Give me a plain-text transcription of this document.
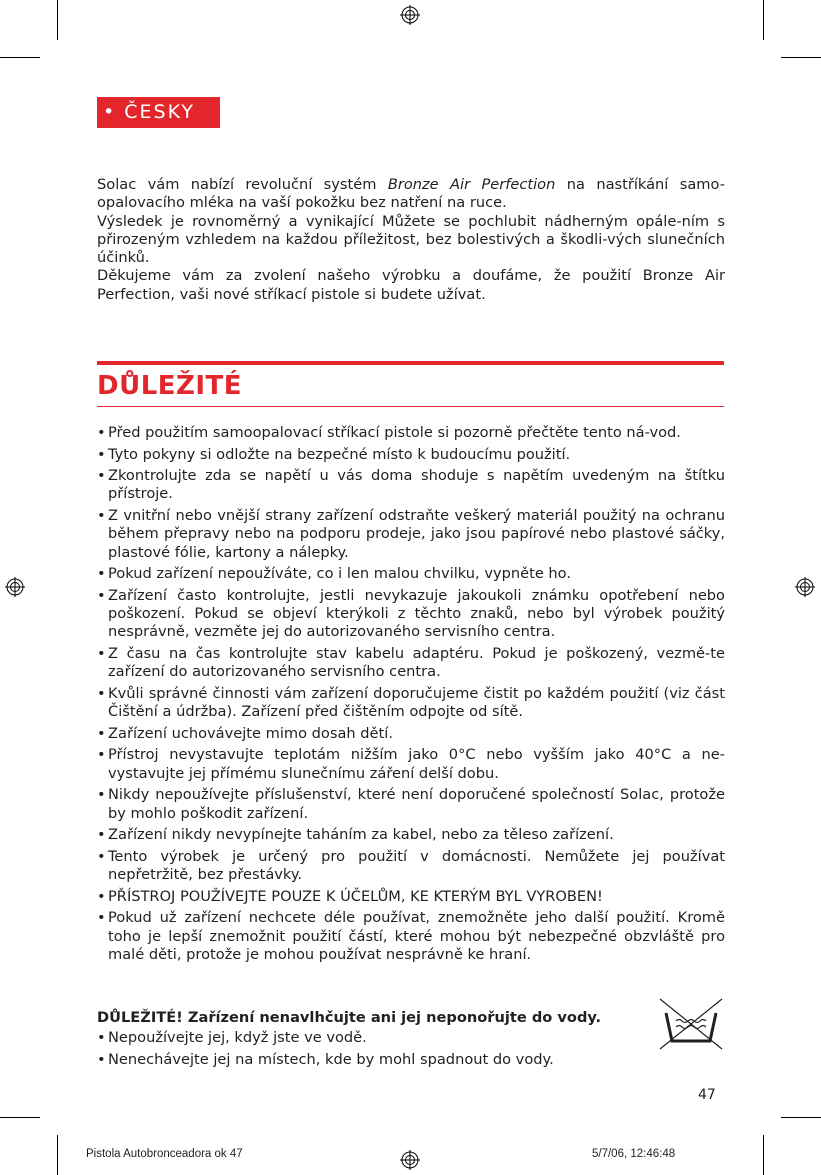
• ČESKY

Solac vám nabízí revoluční systém Bronze Air Perfection na nastříkání samo-opalovacího mléka na vaší pokožku bez natření na ruce.

Výsledek je rovnoměrný a vynikající Můžete se pochlubit nádherným opále-ním s přirozeným vzhledem na každou příležitost, bez bolestivých a škodli-vých slunečních účinků.

Děkujeme vám za zvolení našeho výrobku a doufáme, že použití Bronze Air Perfection, vaši nové stříkací pistole si budete užívat.

DŮLEŽITÉ
• Před použitím samoopalovací stříkací pistole si pozorně přečtěte tento ná-vod.
• Tyto pokyny si odložte na bezpečné místo k budoucímu použití.
• Zkontrolujte zda se napětí u vás doma shoduje s napětím uvedeným na štítku přístroje.
• Z vnitřní nebo vnější strany zařízení odstraňte veškerý materiál použitý na ochranu během přepravy nebo na podporu prodeje, jako jsou papírové nebo plastové sáčky, plastové fólie, kartony a nálepky.
• Pokud zařízení nepoužíváte, co i len malou chvilku, vypněte ho.
• Zařízení často kontrolujte, jestli nevykazuje jakoukoli známku opotřebení nebo poškození. Pokud se objeví kterýkoli z těchto znaků, nebo byl výrobek použitý nesprávně, vezměte jej do autorizovaného servisního centra.
• Z času na čas kontrolujte stav kabelu adaptéru. Pokud je poškozený, vezmě-te zařízení do autorizovaného servisního centra.
• Kvůli správné činnosti vám zařízení doporučujeme čistit po každém použití (viz část Čištění a údržba). Zařízení před čištěním odpojte od sítě.
• Zařízení uchovávejte mimo dosah dětí.
• Přístroj nevystavujte teplotám nižším jako 0°C nebo vyšším jako 40°C a ne-vystavujte jej přímému slunečnímu záření delší dobu.
• Nikdy nepoužívejte příslušenství, které není doporučené společností Solac, protože by mohlo poškodit zařízení.
• Zařízení nikdy nevypínejte taháním za kabel, nebo za těleso zařízení.
• Tento výrobek je určený pro použití v domácnosti. Nemůžete jej používat nepřetržitě, bez přestávky.
• PŘÍSTROJ POUŽÍVEJTE POUZE K ÚČELŮM, KE KTERÝM BYL VYROBEN!
• Pokud už zařízení nechcete déle používat, znemožněte jeho další použití. Kromě toho je lepší znemožnit použití částí, které mohou být nebezpečné obzvláště pro malé děti, protože je mohou používat nesprávně ke hraní.
DŮLEŽITÉ! Zařízení nenavlhčujte ani jej neponořujte do vody.
• Nepoužívejte jej, když jste ve vodě.
• Nenechávejte jej na místech, kde by mohl spadnout do vody.
47
Pistola Autobronceadora ok 47	5/7/06, 12:46:48
